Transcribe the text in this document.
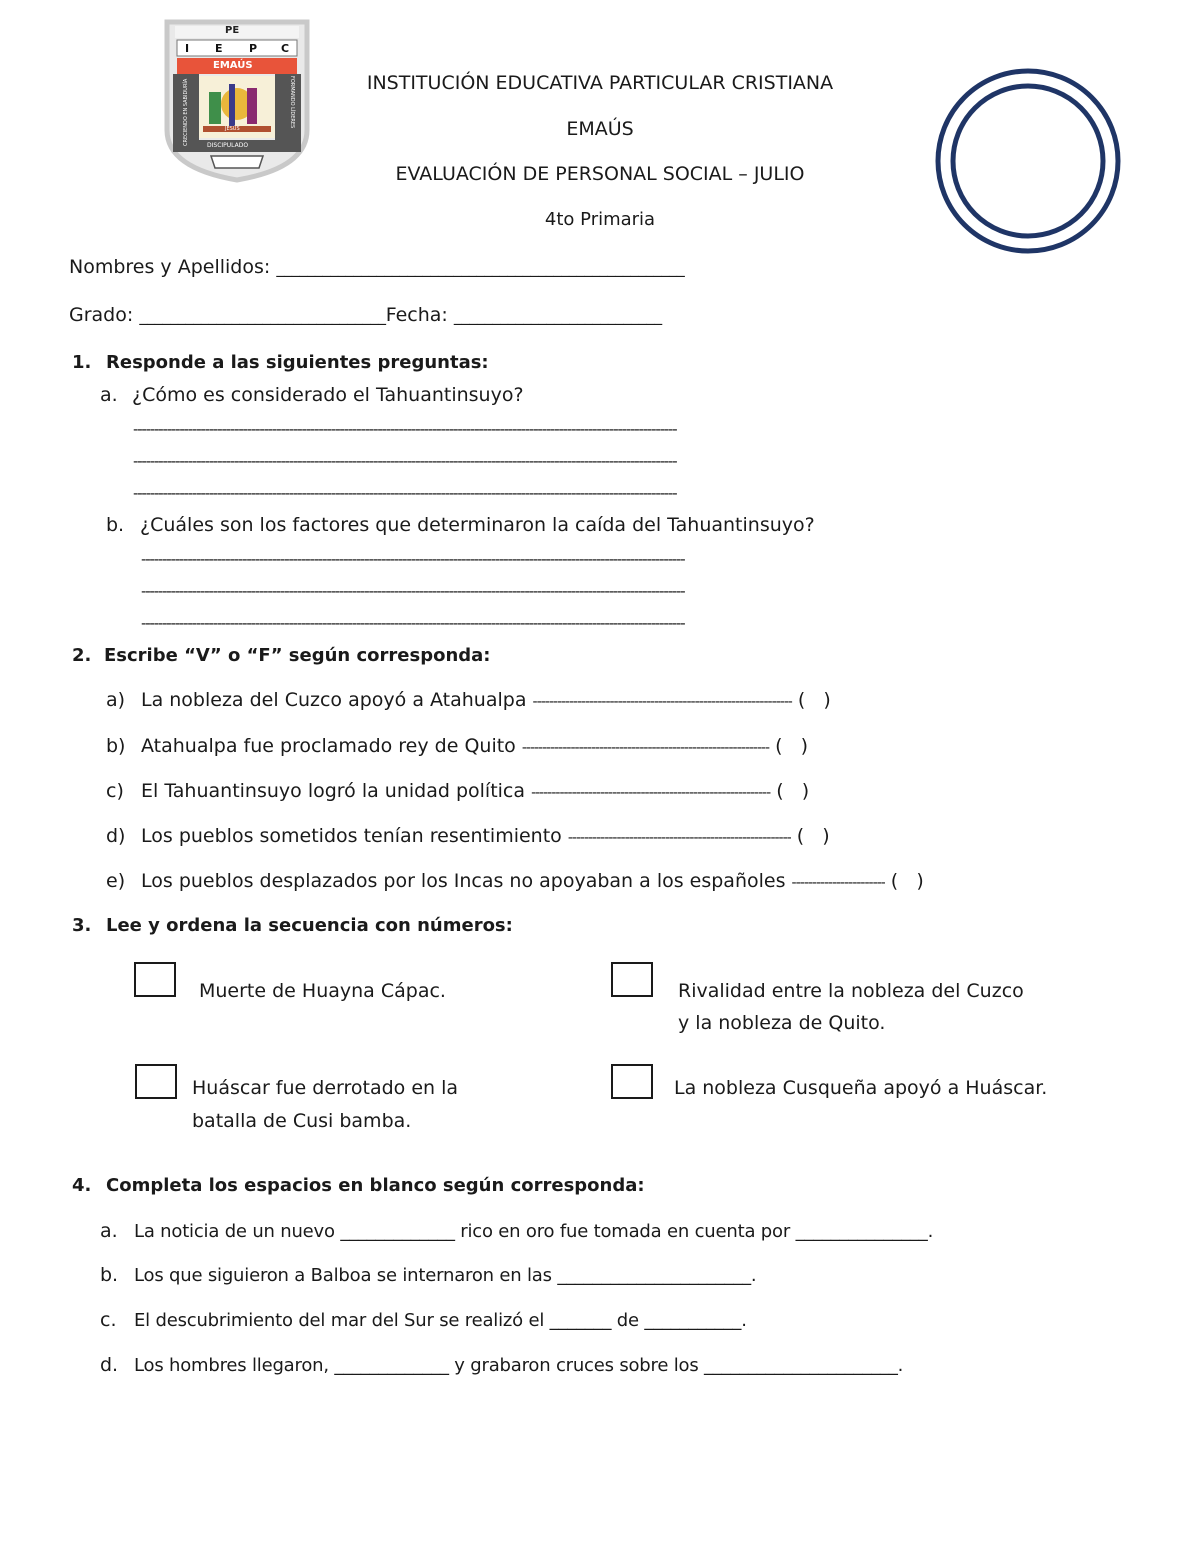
PE
I E P C
EMAÚS
CRECIENDO EN SABIDURÍA	FORMANDO LÍDERES
JESÚS
DISCIPULADO
INSTITUCIÓN EDUCATIVA PARTICULAR CRISTIANA
EMAÚS
EVALUACIÓN DE PERSONAL SOCIAL – JULIO
4to Primaria
Nombres y Apellidos: _____________________________________________________
Grado: ________________________________Fecha: ___________________________
1. Responde a las siguientes preguntas:
a. ¿Cómo es considerado el Tahuantinsuyo?
---------------------------------------------------------------------------------------------------------------------------------
---------------------------------------------------------------------------------------------------------------------------------
---------------------------------------------------------------------------------------------------------------------------------
b. ¿Cuáles son los factores que determinaron la caída del Tahuantinsuyo?
---------------------------------------------------------------------------------------------------------------------------------
---------------------------------------------------------------------------------------------------------------------------------
---------------------------------------------------------------------------------------------------------------------------------
2. Escribe “V” o “F” según corresponda:
a) La nobleza del Cuzco apoyó a Atahualpa ---------------------------------------------------------------- (   )
b) Atahualpa fue proclamado rey de Quito ------------------------------------------------------------- (   )
c) El Tahuantinsuyo logró la unidad política ----------------------------------------------------------- (   )
d) Los pueblos sometidos tenían resentimiento ------------------------------------------------------- (   )
e) Los pueblos desplazados por los Incas no apoyaban a los españoles ----------------------- (   )
3. Lee y ordena la secuencia con números:
Muerte de Huayna Cápac.	Rivalidad entre la nobleza del Cuzco
y la nobleza de Quito.
Huáscar fue derrotado en la
batalla de Cusi bamba.
La nobleza Cusqueña apoyó a Huáscar.
4. Completa los espacios en blanco según corresponda:
a. La noticia de un nuevo _____________ rico en oro fue tomada en cuenta por _______________.
b. Los que siguieron a Balboa se internaron en las ______________________.
c. El descubrimiento del mar del Sur se realizó el _______ de ___________.
d. Los hombres llegaron, _____________ y grabaron cruces sobre los ______________________.
